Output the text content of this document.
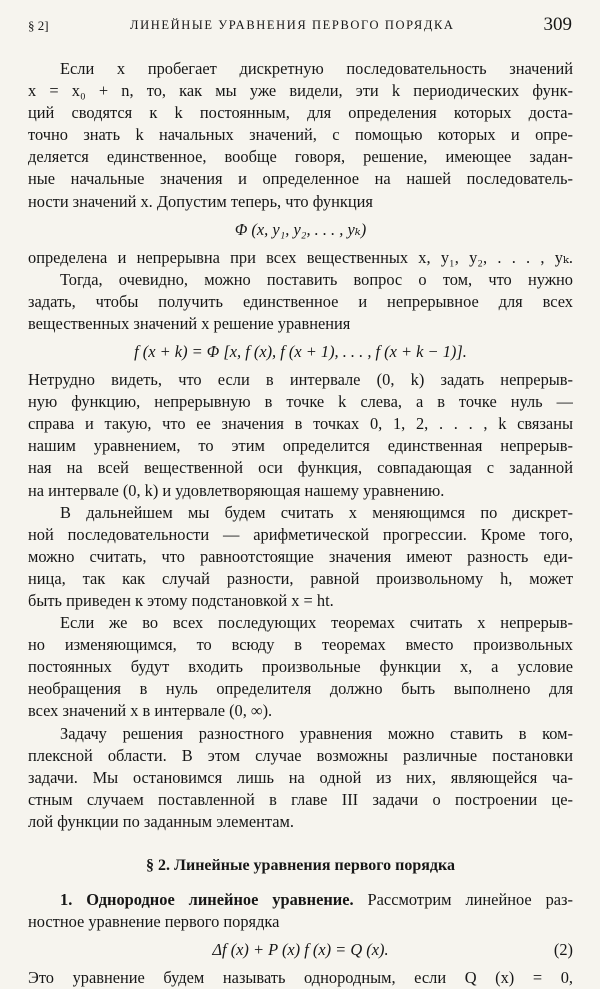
§ 2]	ЛИНЕЙНЫЕ УРАВНЕНИЯ ПЕРВОГО ПОРЯДКА	309
Если x пробегает дискретную последовательность значений
x = x₀ + n, то, как мы уже видели, эти k периодических функ-
ций сводятся к k постоянным, для определения которых доста-
точно знать k начальных значений, с помощью которых и опре-
деляется единственное, вообще говоря, решение, имеющее задан-
ные начальные значения и определенное на нашей последователь-
ности значений x. Допустим теперь, что функция
Φ (x, y₁, y₂, . . . , yₖ)
определена и непрерывна при всех вещественных x, y₁, y₂, . . . , yₖ.
Тогда, очевидно, можно поставить вопрос о том, что нужно
задать, чтобы получить единственное и непрерывное для всех
вещественных значений x решение уравнения
f (x + k) = Φ [x, f (x), f (x + 1), . . . , f (x + k − 1)].
Нетрудно видеть, что если в интервале (0, k) задать непрерыв-
ную функцию, непрерывную в точке k слева, а в точке нуль —
справа и такую, что ее значения в точках 0, 1, 2, . . . , k связаны
нашим уравнением, то этим определится единственная непрерыв-
ная на всей вещественной оси функция, совпадающая с заданной
на интервале (0, k) и удовлетворяющая нашему уравнению.
В дальнейшем мы будем считать x меняющимся по дискрет-
ной последовательности — арифметической прогрессии. Кроме того,
можно считать, что равноотстоящие значения имеют разность еди-
ница, так как случай разности, равной произвольному h, может
быть приведен к этому подстановкой x = ht.
Если же во всех последующих теоремах считать x непрерыв-
но изменяющимся, то всюду в теоремах вместо произвольных
постоянных будут входить произвольные функции x, а условие
необращения в нуль определителя должно быть выполнено для
всех значений x в интервале (0, ∞).
Задачу решения разностного уравнения можно ставить в ком-
плексной области. В этом случае возможны различные постановки
задачи. Мы остановимся лишь на одной из них, являющейся ча-
стным случаем поставленной в главе III задачи о построении це-
лой функции по заданным элементам.
§ 2. Линейные уравнения первого порядка
1. Однородное линейное уравнение. Рассмотрим линейное раз-
ностное уравнение первого порядка
Δf (x) + P (x) f (x) = Q (x).	(2)
Это уравнение будем называть однородным, если Q (x) = 0,
